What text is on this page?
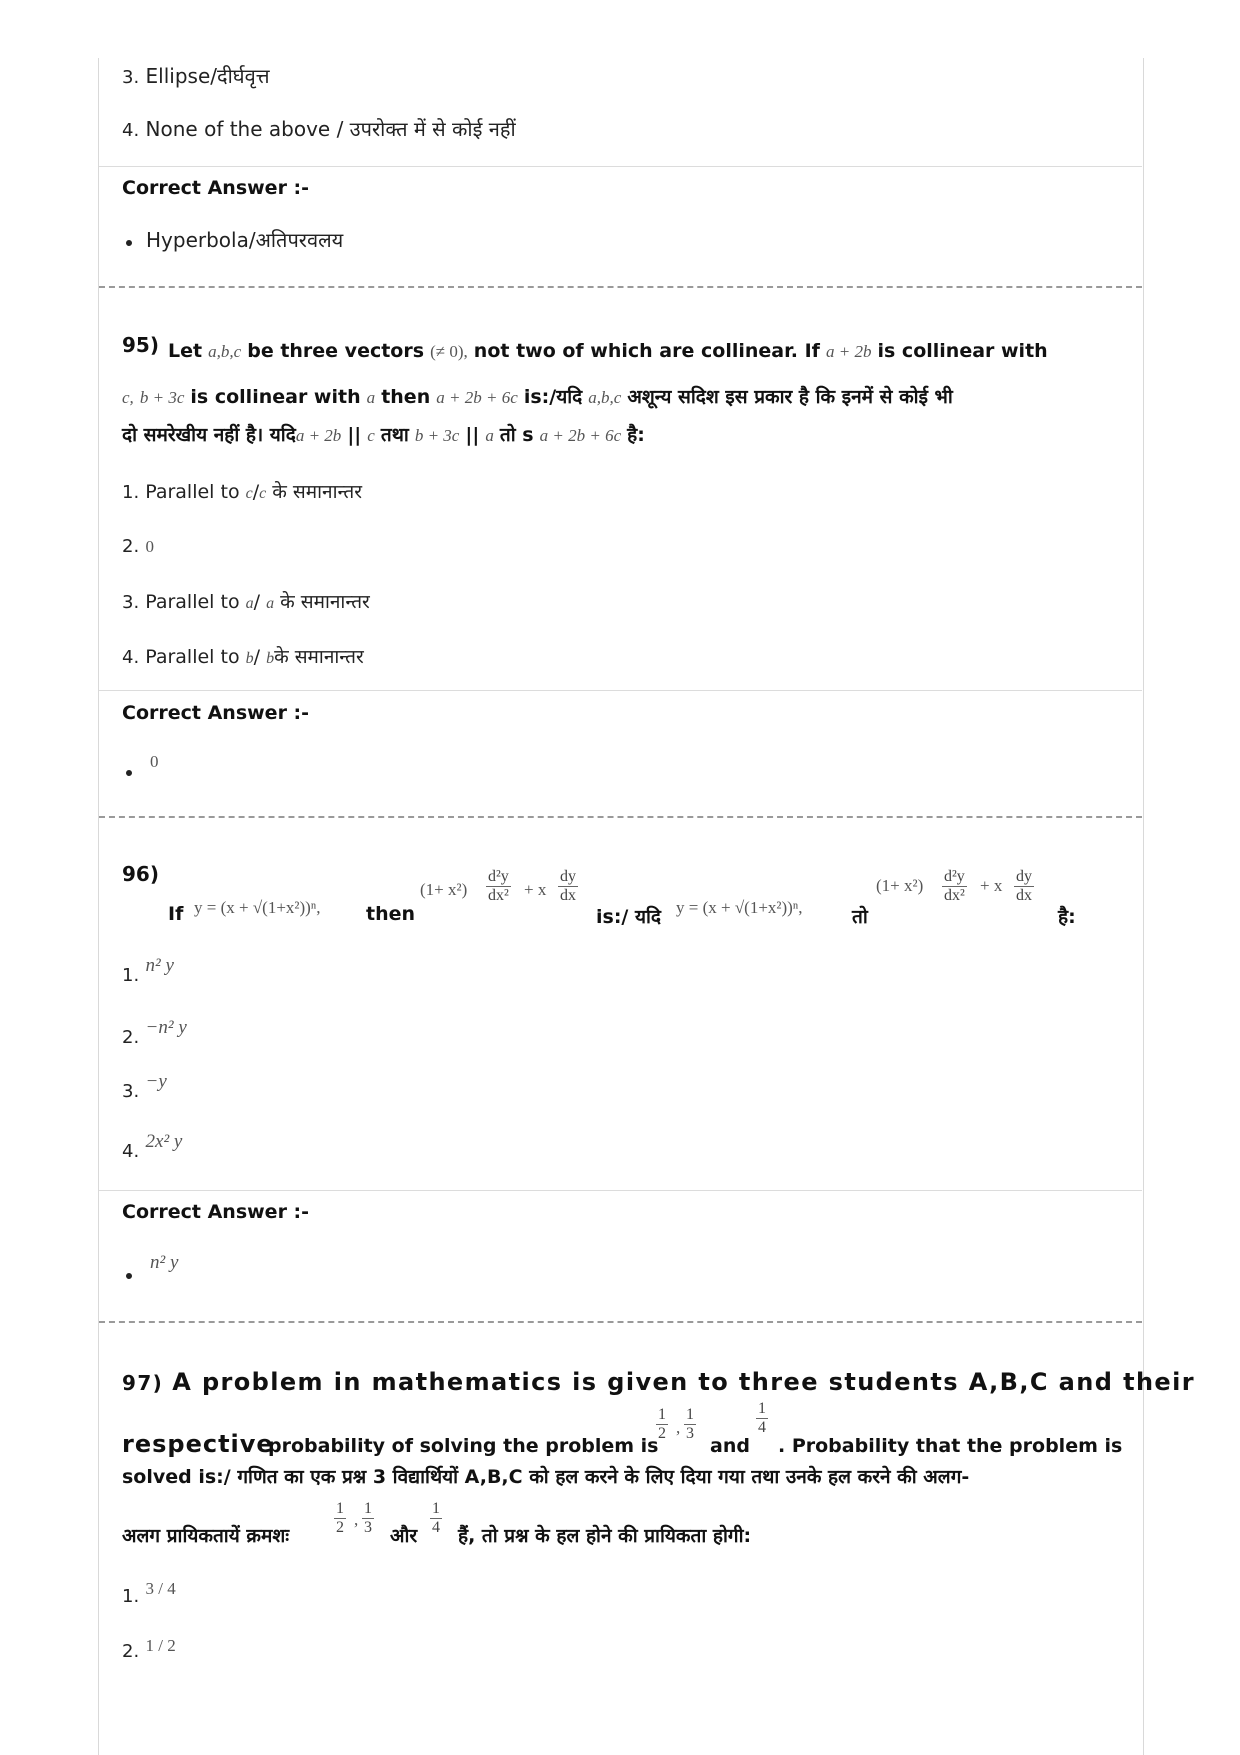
3. Ellipse/दीर्घवृत्त
4. None of the above / उपरोक्त में से कोई नहीं
Correct Answer :-
Hyperbola/अतिपरवलय
95) Let a,b,c be three vectors (≠ 0), not two of which are collinear. If a + 2b is collinear with
c, b + 3c is collinear with a then a + 2b + 6c is:/यदि a,b,c अशून्य सदिश इस प्रकार है कि इनमें से कोई भी
दो समरेखीय नहीं है। यदिa + 2b || c तथा b + 3c || a तो s a + 2b + 6c है:
1. Parallel to c/c के समानान्तर
2. 0
3. Parallel to a/ a के समानान्तर
4. Parallel to b/ bके समानान्तर
Correct Answer :-
0
96)
If y = (x + √(1+x²))ⁿ, then
$(1+ x^2) \frac{\text{d²y}}{\text{dx²}} + x \frac{dy}{dx}$
is:/ यदि y = (x + √(1+x²))ⁿ,	तो
$(1+ x^2) \frac{\text{d²y}}{\text{dx²}} + x \frac{dy}{dx}$
है:
1. n² y
2. −n² y
3. −y
4. 2x² y
Correct Answer :-
n² y
97) A problem in mathematics is given to three students A,B,C and their
respective
probability of solving the problem is
$\frac{1}{2}$ , $\frac{1}{3}$
and
$\frac{1}{4}$
. Probability that the problem is
solved is:/ गणित का एक प्रश्न 3 विद्यार्थियों A,B,C को हल करने के लिए दिया गया तथा उनके हल करने की अलग-
अलग प्रायिकतायें क्रमशः	$\frac{1}{2}$ , $\frac{1}{3}$ और $\frac{1}{4}$ हैं, तो प्रश्न के हल होने की प्रायिकता होगी:
1. $^{3 / 4}$
2. $^{1 / 2}$
